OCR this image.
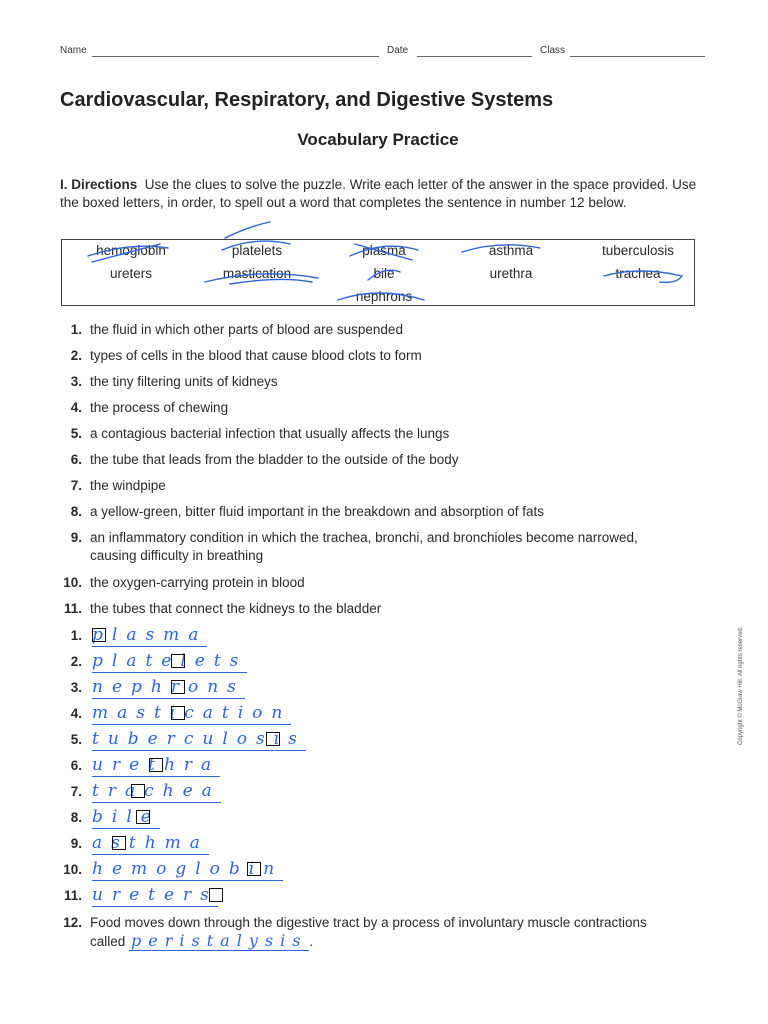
Name	Date	Class
Cardiovascular, Respiratory, and Digestive Systems
Vocabulary Practice
I. Directions Use the clues to solve the puzzle. Write each letter of the answer in the space provided. Use the boxed letters, in order, to spell out a word that completes the sentence in number 12 below.
hemoglobin	platelets	plasma	asthma	tuberculosis
ureters	mastication	bile	urethra	trachea
nephrons
1. the fluid in which other parts of blood are suspended
2. types of cells in the blood that cause blood clots to form
3. the tiny filtering units of kidneys
4. the process of chewing
5. a contagious bacterial infection that usually affects the lungs
6. the tube that leads from the bladder to the outside of the body
7. the windpipe
8. a yellow-green, bitter fluid important in the breakdown and absorption of fats
9. an inflammatory condition in which the trachea, bronchi, and bronchioles become narrowed, causing difficulty in breathing
10. the oxygen-carrying protein in blood
11. the tubes that connect the kidneys to the bladder
1. plasma
2. platelets
3. nephrons
4. mastication
5. tuberculosis
6. urethra
7. trachea
8. bile
9. asthma
10. hemoglobin
11. ureters
12. Food moves down through the digestive tract by a process of involuntary muscle contractions called peristalysis .
Copyright © McGraw Hill. All rights reserved.
